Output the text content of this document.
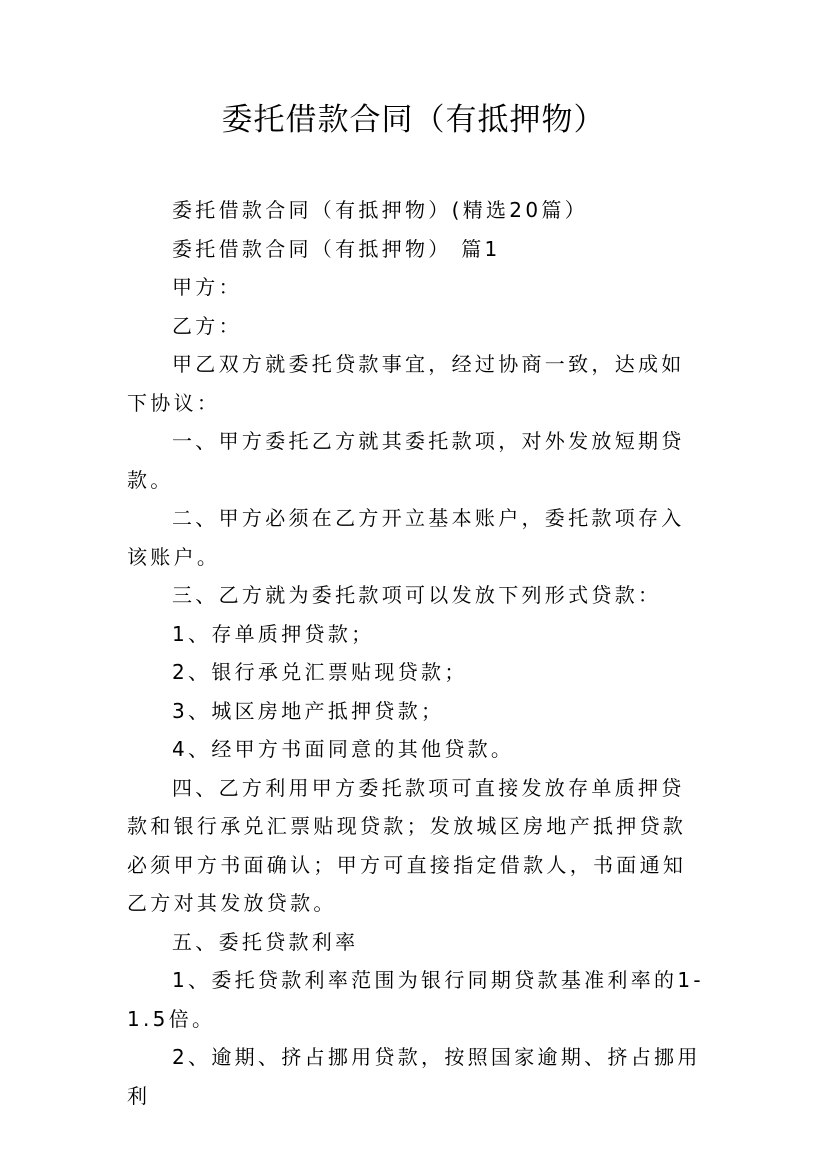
委托借款合同（有抵押物）

委托借款合同（有抵押物）(精选20篇）

委托借款合同（有抵押物） 篇1

甲方：

乙方：

甲乙双方就委托贷款事宜，经过协商一致，达成如下协议：

一、甲方委托乙方就其委托款项，对外发放短期贷款。

二、甲方必须在乙方开立基本账户，委托款项存入该账户。

三、乙方就为委托款项可以发放下列形式贷款：

1、存单质押贷款；

2、银行承兑汇票贴现贷款；

3、城区房地产抵押贷款；

4、经甲方书面同意的其他贷款。

四、乙方利用甲方委托款项可直接发放存单质押贷款和银行承兑汇票贴现贷款；发放城区房地产抵押贷款必须甲方书面确认；甲方可直接指定借款人，书面通知乙方对其发放贷款。

五、委托贷款利率

1、委托贷款利率范围为银行同期贷款基准利率的1-1.5倍。

2、逾期、挤占挪用贷款，按照国家逾期、挤占挪用利
